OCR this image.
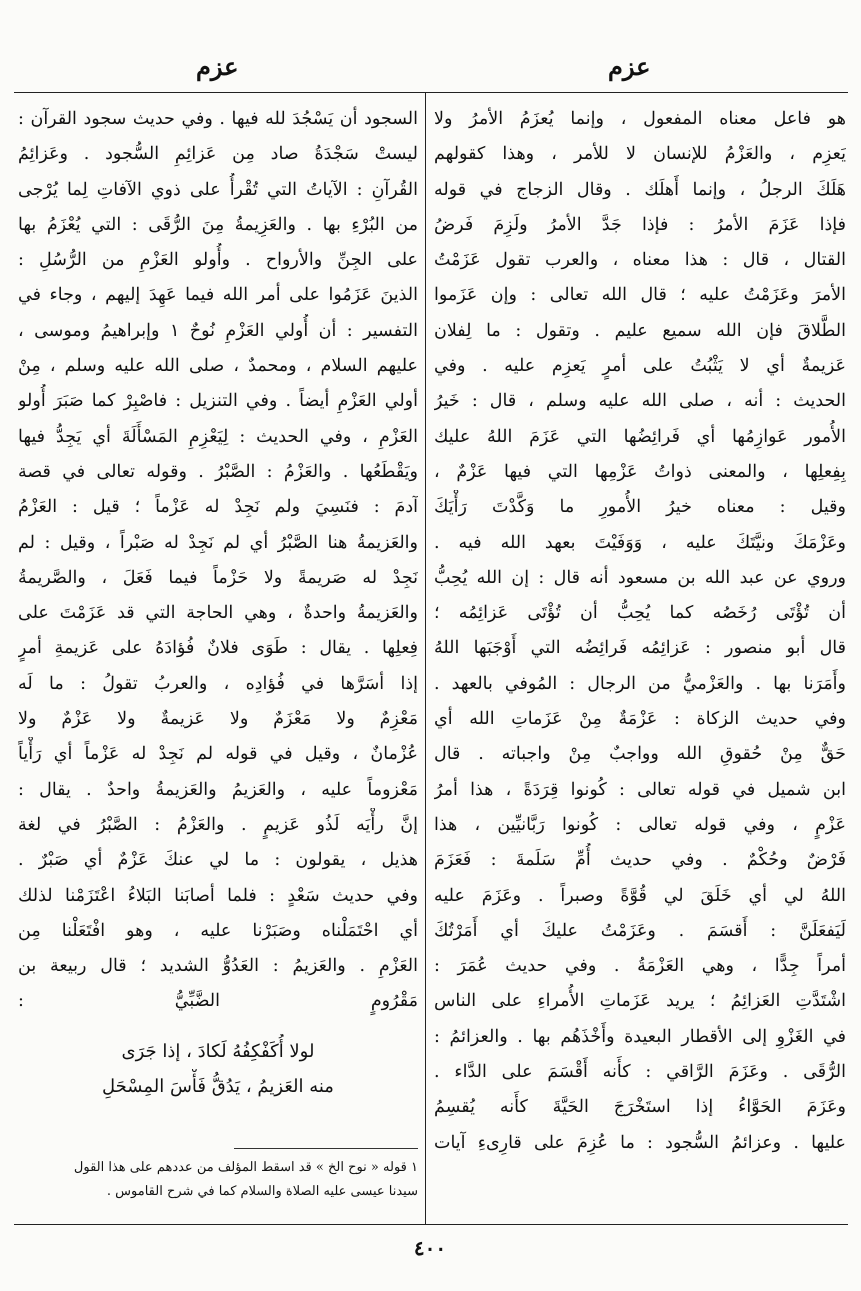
عزم
عزم
هو فاعل معناه المفعول ، وإنما يُعزَمُ الأمرُ ولا
يَعزِم ، والعَزْمُ للإنسان لا للأمر ، وهذا كقولهم
هَلَكَ الرجلُ ، وإنما أَهلَك . وقال الزجاج في قوله
فإذا عَزَمَ الأمرُ : فإذا جَدَّ الأمرُ ولَزِمَ فَرضُ
القتال ، قال : هذا معناه ، والعرب تقول عَزَمْتُ
الأمرَ وعَزَمْتُ عليه ؛ قال الله تعالى : وإن عَزَموا
الطَّلاقَ فإن الله سميع عليم . وتقول : ما لِفلان
عَزيمةٌ أي لا يَثْبُتُ على أمرٍ يَعزِم عليه . وفي
الحديث : أنه ، صلى الله عليه وسلم ، قال : خَيرُ
الأُمور عَوازِمُها أي فَرائِضُها التي عَزَمَ اللهُ عليك
بِفِعلِها ، والمعنى ذواتُ عَزْمِها التي فيها عَزْمٌ ،
وقيل : معناه خيرُ الأُمورِ ما وَكَّدْتَ رَأْيَكَ
وعَزْمَكَ ونيَّتَكَ عليه ، وَوَفَيْتَ بعهد الله فيه .
وروي عن عبد الله بن مسعود أنه قال : إن الله يُحِبُّ
أن تُؤْتَى رُخَصُه كما يُحِبُّ أن تُؤْتَى عَزائِمُه ؛
قال أبو منصور : عَزائِمُه فَرائِضُه التي أَوْجَبَها اللهُ
وأَمَرَنا بها . والعَزْميُّ من الرجال : المُوفي بالعهد .
وفي حديث الزكاة : عَزْمَةٌ مِنْ عَزَماتِ الله أي
حَقٌّ مِنْ حُقوقِ الله وواجبٌ مِنْ واجباته . قال
ابن شميل في قوله تعالى : كُونوا قِرَدَةً ، هذا أمرُ
عَزْمٍ ، وفي قوله تعالى : كُونوا رَبَّانيِّين ، هذا
فَرْضٌ وحُكْمٌ . وفي حديث أُمِّ سَلَمةَ : فَعَزَمَ
اللهُ لي أي خَلَقَ لي قُوَّةً وصبراً . وعَزَمَ عليه
لَيَفعَلَنَّ : أَقسَمَ . وعَزَمْتُ عليكَ أي أَمَرْتُكَ
أمراً جِدًّا ، وهي العَزْمَةُ . وفي حديث عُمَرَ :
اشْتَدَّتِ العَزائِمُ ؛ يريد عَزَماتِ الأُمراءِ على الناس
في الغَزْوِ إلى الأقطار البعيدة وأَخْذَهُم بها . والعزائمُ :
الرُّقَى . وعَزَمَ الرَّاقي : كأَنه أَقْسَمَ على الدَّاء .
وعَزَمَ الحَوَّاءُ إذا استَخْرَجَ الحَيَّةَ كأَنه يُقسِمُ
عليها . وعزائمُ السُّجود : ما عُزِمَ على قارِىءِ آيات
السجود أن يَسْجُدَ لله فيها . وفي حديث سجود القرآن :
ليستْ سَجْدَةُ صاد مِن عَزائِمِ السُّجود . وعَزائِمُ
القُرآنِ : الآياتُ التي تُقْرأُ على ذوي الآفاتِ لِما يُرْجى
من البُرْءِ بها . والعَزِيمةُ مِنَ الرُّقَى : التي يُعْزَمُ بها
على الجِنِّ والأرواح . وأُولو العَزْمِ من الرُّسُلِ :
الذينَ عَزَمُوا على أمر الله فيما عَهِدَ إليهم ، وجاء في
التفسير : أن أُولي العَزْمِ نُوحٌ ١ وإبراهيمُ وموسى ،
عليهم السلام ، ومحمدٌ ، صلى الله عليه وسلم ، مِنْ
أولي العَزْمِ أيضاً . وفي التنزيل : فاصْبِرْ كما صَبَرَ أُولو
العَزْمِ ، وفي الحديث : لِيَعْزِمِ المَسْأَلَةَ أي يَجِدُّ فيها
ويَقْطَعُها . والعَزْمُ : الصَّبْرُ . وقوله تعالى في قصة
آدمَ : فنَسِيَ ولم نَجِدْ له عَزْماً ؛ قيل : العَزْمُ
والعَزيمةُ هنا الصَّبْرُ أي لم نَجِدْ له صَبْراً ، وقيل : لم
نَجِدْ له صَريمةً ولا حَزْماً فيما فَعَلَ ، والصَّريمةُ
والعَزيمةُ واحدةٌ ، وهي الحاجة التي قد عَزَمْتَ على
فِعلِها . يقال : طَوَى فلانٌ فُؤادَهُ على عَزيمةِ أمرٍ
إذا أسَرَّها في فُؤادِه ، والعربُ تقولُ : ما لَه
مَعْزِمٌ ولا مَعْزَمٌ ولا عَزيمةٌ ولا عَزْمٌ ولا
عُزْمانٌ ، وقيل في قوله لم نَجِدْ له عَزْماً أي رَأْياً
مَعْزوماً عليه ، والعَزيمُ والعَزيمةُ واحدٌ . يقال :
إنَّ رأْيَه لَذُو عَزيمٍ . والعَزْمُ : الصَّبْرُ في لغة
هذيل ، يقولون : ما لي عنكَ عَزْمٌ أي صَبْرٌ .
وفي حديث سَعْدٍ : فلما أصابَنا البَلاءُ اعْتَزَمْنا لذلك
أي احْتَمَلْناه وصَبَرْنا عليه ، وهو افْتَعَلْنا مِن
العَزْمِ . والعَزيمُ : العَدُوُّ الشديد ؛ قال ربيعة بن
مَقْرُومٍ الضَّبِّيُّ :
لولا أُكَفْكِفُهُ لَكادَ ، إذا جَرَى
منه العَزيمُ ، يَدُقُّ فَأْسَ المِسْحَلِ
١ قوله « نوح الخ » قد اسقط المؤلف من عددهم على هذا القول
سيدنا عيسى عليه الصلاة والسلام كما في شرح القاموس .
٤٠٠
